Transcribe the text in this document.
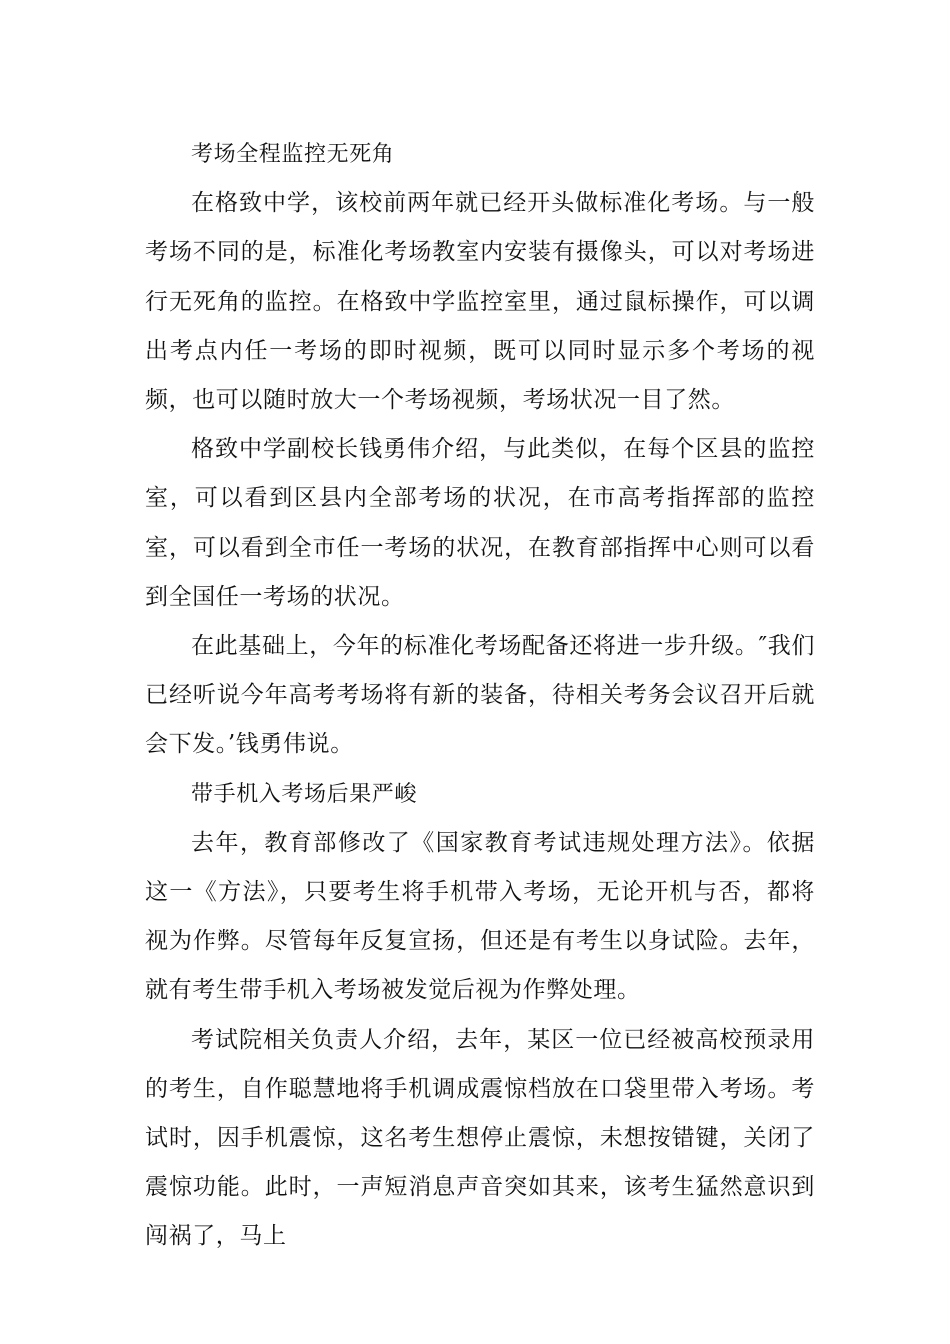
考场全程监控无死角

在格致中学，该校前两年就已经开头做标准化考场。与一般考场不同的是，标准化考场教室内安装有摄像头，可以对考场进行无死角的监控。在格致中学监控室里，通过鼠标操作，可以调出考点内任一考场的即时视频，既可以同时显示多个考场的视频，也可以随时放大一个考场视频，考场状况一目了然。

格致中学副校长钱勇伟介绍，与此类似，在每个区县的监控室，可以看到区县内全部考场的状况，在市高考指挥部的监控室，可以看到全市任一考场的状况，在教育部指挥中心则可以看到全国任一考场的状况。

在此基础上，今年的标准化考场配备还将进一步升级。″我们已经听说今年高考考场将有新的装备，待相关考务会议召开后就会下发。’钱勇伟说。

带手机入考场后果严峻

去年，教育部修改了《国家教育考试违规处理方法》。依据这一《方法》，只要考生将手机带入考场，无论开机与否，都将视为作弊。尽管每年反复宣扬，但还是有考生以身试险。去年，就有考生带手机入考场被发觉后视为作弊处理。

考试院相关负责人介绍，去年，某区一位已经被高校预录用的考生，自作聪慧地将手机调成震惊档放在口袋里带入考场。考试时，因手机震惊，这名考生想停止震惊，未想按错键，关闭了震惊功能。此时，一声短消息声音突如其来，该考生猛然意识到闯祸了，马上
